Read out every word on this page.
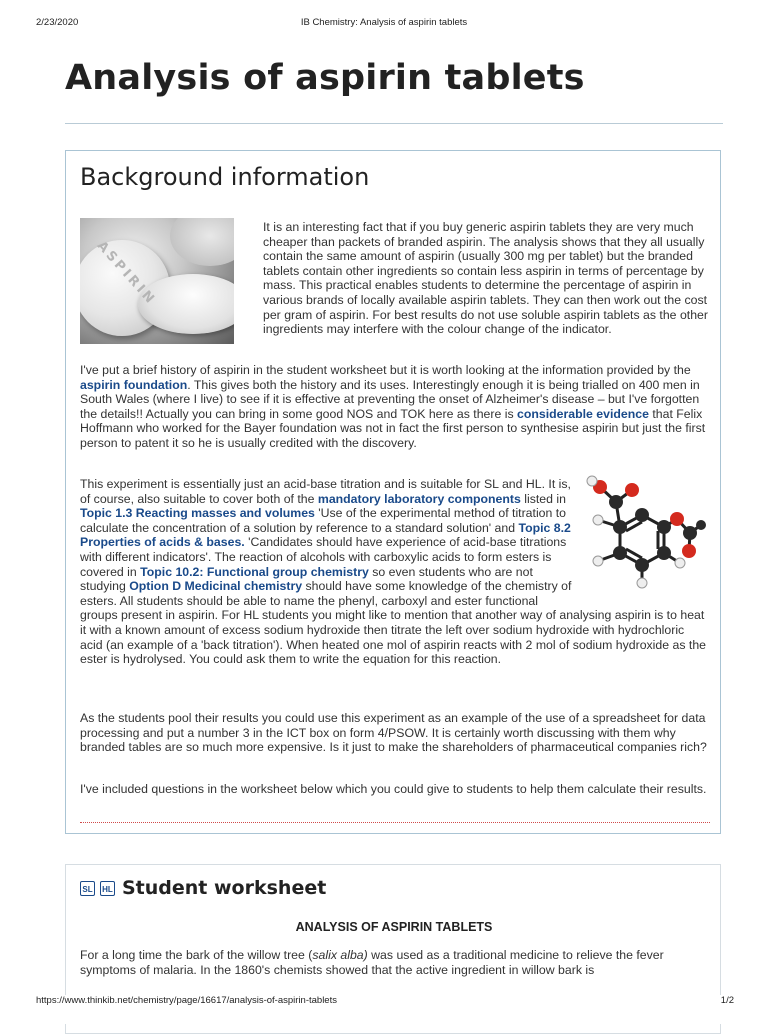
2/23/2020	IB Chemistry: Analysis of aspirin tablets
Analysis of aspirin tablets
Background information
ASPIRIN

It is an interesting fact that if you buy generic aspirin tablets they are very much cheaper than packets of branded aspirin. The analysis shows that they all usually contain the same amount of aspirin (usually 300 mg per tablet) but the branded tablets contain other ingredients so contain less aspirin in terms of percentage by mass. This practical enables students to determine the percentage of aspirin in various brands of locally available aspirin tablets. They can then work out the cost per gram of aspirin. For best results do not use soluble aspirin tablets as the other ingredients may interfere with the colour change of the indicator.

I've put a brief history of aspirin in the student worksheet but it is worth looking at the information provided by the aspirin foundation. This gives both the history and its uses. Interestingly enough it is being trialled on 400 men in South Wales (where I live) to see if it is effective at preventing the onset of Alzheimer's disease – but I've forgotten the details!! Actually you can bring in some good NOS and TOK here as there is considerable evidence that Felix Hoffmann who worked for the Bayer foundation was not in fact the first person to synthesise aspirin but just the first person to patent it so he is usually credited with the discovery.

This experiment is essentially just an acid-base titration and is suitable for SL and HL. It is, of course, also suitable to cover both of the mandatory laboratory components listed in Topic 1.3 Reacting masses and volumes 'Use of the experimental method of titration to calculate the concentration of a solution by reference to a standard solution' and Topic 8.2 Properties of acids & bases. 'Candidates should have experience of acid-base titrations with different indicators'. The reaction of alcohols with carboxylic acids to form esters is covered in Topic 10.2: Functional group chemistry so even students who are not studying Option D Medicinal chemistry should have some knowledge of the chemistry of esters. All students should be able to name the phenyl, carboxyl and ester functional groups present in aspirin. For HL students you might like to mention that another way of analysing aspirin is to heat it with a known amount of excess sodium hydroxide then titrate the left over sodium hydroxide with hydrochloric acid (an example of a 'back titration'). When heated one mol of aspirin reacts with 2 mol of sodium hydroxide as the ester is hydrolysed. You could ask them to write the equation for this reaction.

As the students pool their results you could use this experiment as an example of the use of a spreadsheet for data processing and put a number 3 in the ICT box on form 4/PSOW. It is certainly worth discussing with them why branded tables are so much more expensive. Is it just to make the shareholders of pharmaceutical companies rich?

I've included questions in the worksheet below which you could give to students to help them calculate their results.

SL HL Student worksheet
ANALYSIS OF ASPIRIN TABLETS

For a long time the bark of the willow tree (salix alba) was used as a traditional medicine to relieve the fever symptoms of malaria. In the 1860's chemists showed that the active ingredient in willow bark is

https://www.thinkib.net/chemistry/page/16617/analysis-of-aspirin-tablets	1/2
